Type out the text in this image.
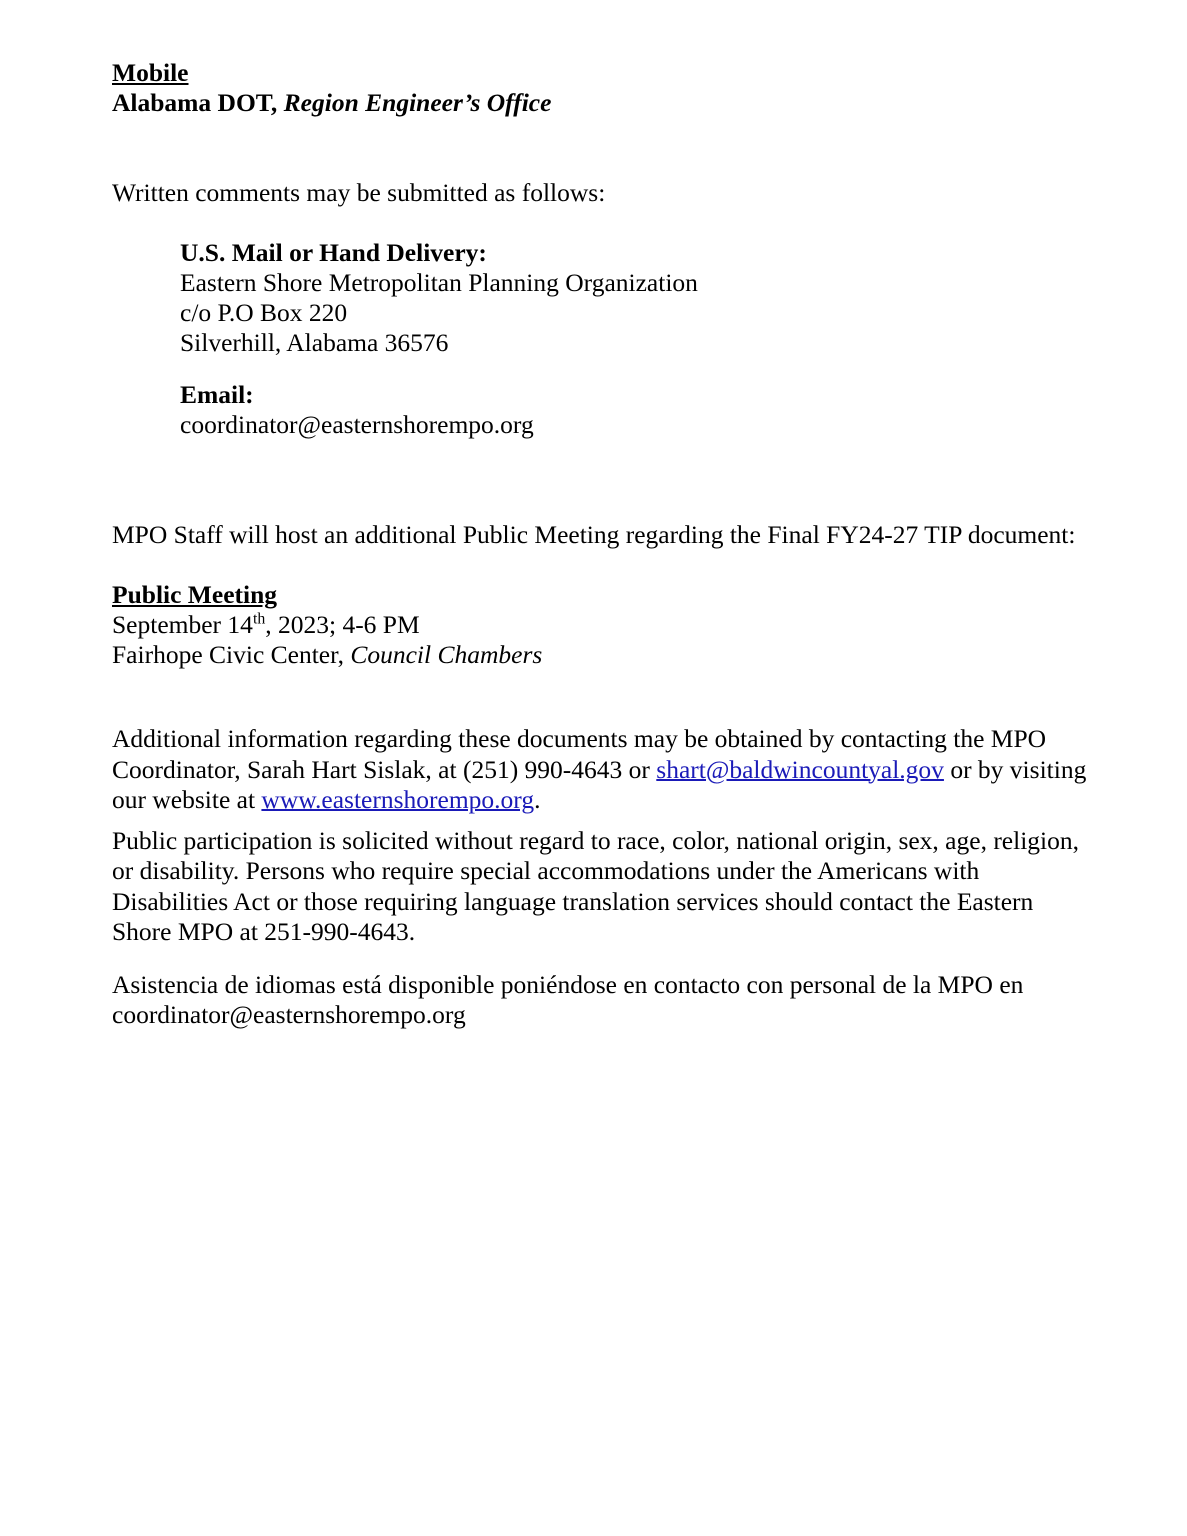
Mobile
Alabama DOT, Region Engineer’s Office
Written comments may be submitted as follows:
U.S. Mail or Hand Delivery:
Eastern Shore Metropolitan Planning Organization
c/o P.O Box 220
Silverhill, Alabama 36576
Email:
coordinator@easternshorempo.org
MPO Staff will host an additional Public Meeting regarding the Final FY24-27 TIP document:
Public Meeting
September 14th, 2023; 4-6 PM
Fairhope Civic Center, Council Chambers

Additional information regarding these documents may be obtained by contacting the MPO Coordinator, Sarah Hart Sislak, at (251) 990-4643 or shart@baldwincountyal.gov or by visiting our website at www.easternshorempo.org.

Public participation is solicited without regard to race, color, national origin, sex, age, religion, or disability. Persons who require special accommodations under the Americans with Disabilities Act or those requiring language translation services should contact the Eastern Shore MPO at 251-990-4643.

Asistencia de idiomas está disponible poniéndose en contacto con personal de la MPO en
coordinator@easternshorempo.org
